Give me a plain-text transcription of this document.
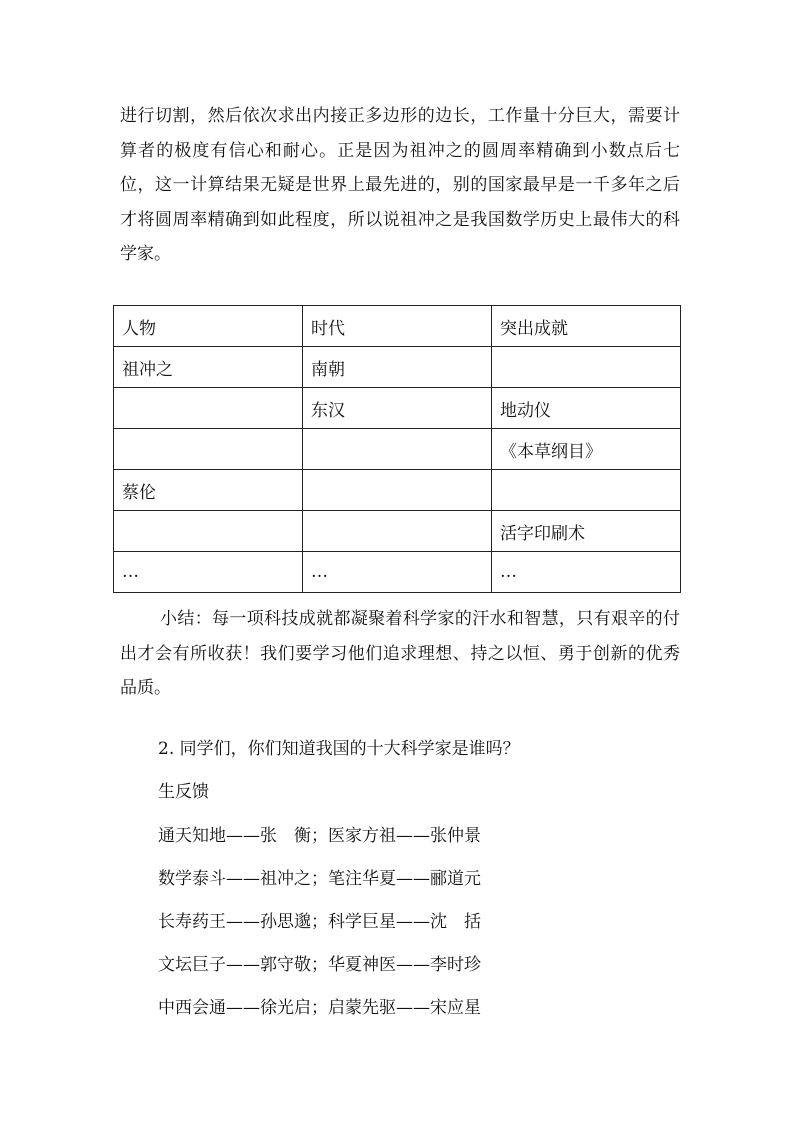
进行切割，然后依次求出内接正多边形的边长，工作量十分巨大，需要计算者的极度有信心和耐心。正是因为祖冲之的圆周率精确到小数点后七位，这一计算结果无疑是世界上最先进的，别的国家最早是一千多年之后才将圆周率精确到如此程度，所以说祖冲之是我国数学历史上最伟大的科学家。

人物	时代	突出成就
祖冲之	南朝	
	东汉	地动仪
		《本草纲目》
蔡伦		
		活字印刷术
…	…	…

小结：每一项科技成就都凝聚着科学家的汗水和智慧，只有艰辛的付出才会有所收获！我们要学习他们追求理想、持之以恒、勇于创新的优秀品质。

2. 同学们，你们知道我国的十大科学家是谁吗？

生反馈

通天知地——张　衡；医家方祖——张仲景

数学泰斗——祖冲之；笔注华夏——郦道元

长寿药王——孙思邈；科学巨星——沈　括

文坛巨子——郭守敬；华夏神医——李时珍

中西会通——徐光启；启蒙先驱——宋应星
